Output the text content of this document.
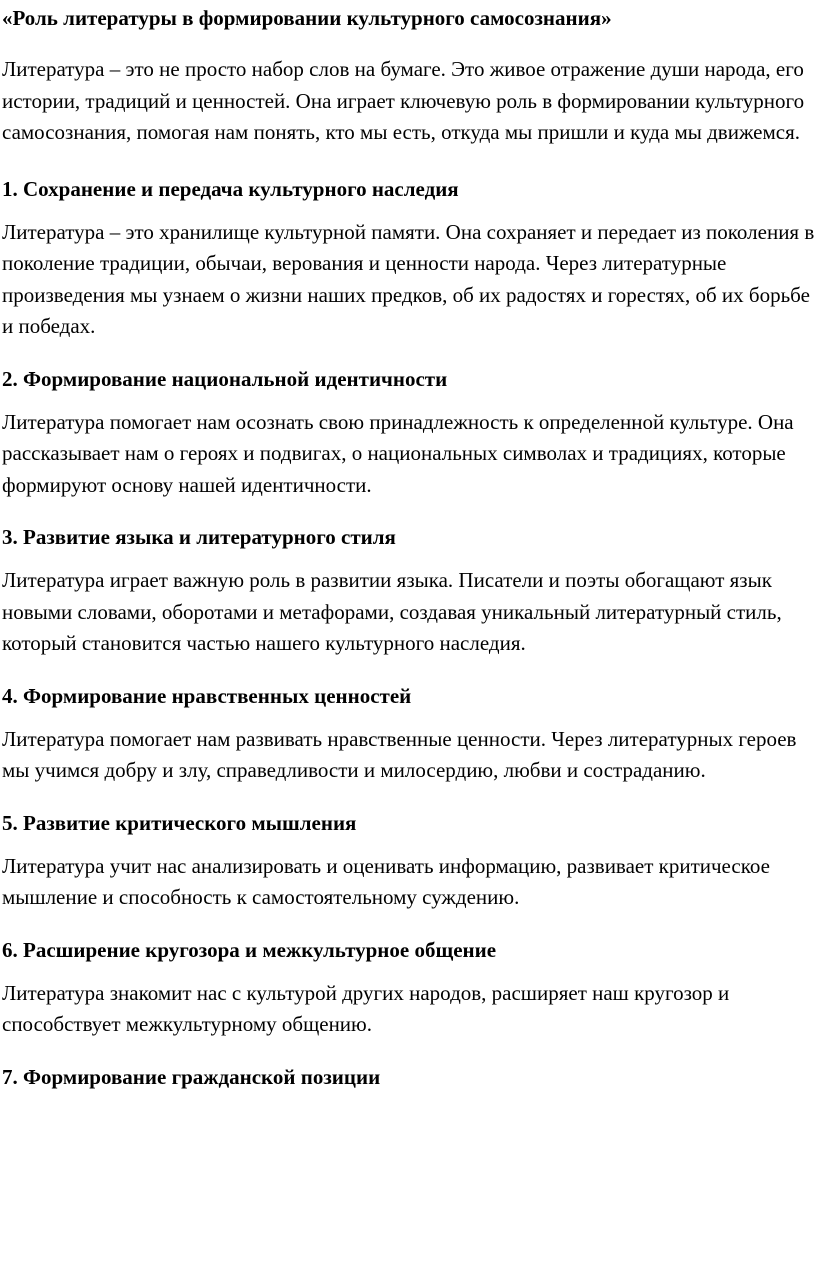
«Роль литературы в формировании культурного самосознания»

Литература – это не просто набор слов на бумаге. Это живое отражение души народа, его истории, традиций и ценностей. Она играет ключевую роль в формировании культурного самосознания, помогая нам понять, кто мы есть, откуда мы пришли и куда мы движемся.

1. Сохранение и передача культурного наследия

Литература – это хранилище культурной памяти. Она сохраняет и передает из поколения в поколение традиции, обычаи, верования и ценности народа. Через литературные произведения мы узнаем о жизни наших предков, об их радостях и горестях, об их борьбе и победах.

2. Формирование национальной идентичности

Литература помогает нам осознать свою принадлежность к определенной культуре. Она рассказывает нам о героях и подвигах, о национальных символах и традициях, которые формируют основу нашей идентичности.

3. Развитие языка и литературного стиля

Литература играет важную роль в развитии языка. Писатели и поэты обогащают язык новыми словами, оборотами и метафорами, создавая уникальный литературный стиль, который становится частью нашего культурного наследия.

4. Формирование нравственных ценностей

Литература помогает нам развивать нравственные ценности. Через литературных героев мы учимся добру и злу, справедливости и милосердию, любви и состраданию.

5. Развитие критического мышления

Литература учит нас анализировать и оценивать информацию, развивает критическое мышление и способность к самостоятельному суждению.

6. Расширение кругозора и межкультурное общение

Литература знакомит нас с культурой других народов, расширяет наш кругозор и способствует межкультурному общению.

7. Формирование гражданской позиции
